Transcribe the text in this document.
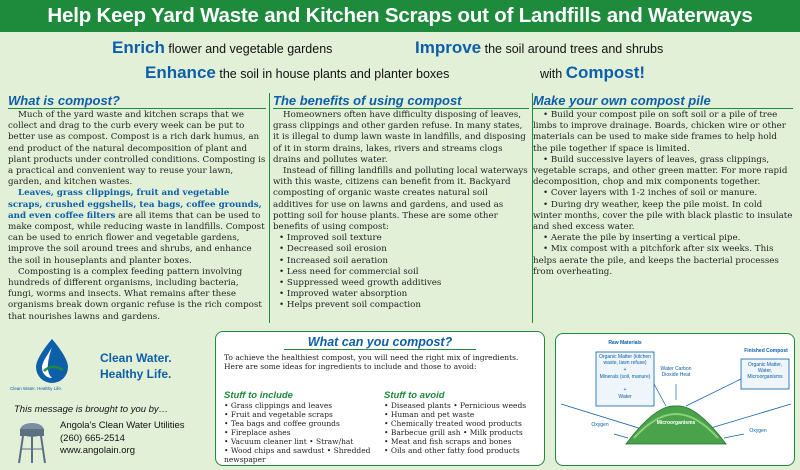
Help Keep Yard Waste and Kitchen Scraps out of Landfills and Waterways
Enrich flower and vegetable gardens	Improve the soil around trees and shrubs
Enhance the soil in house plants and planter boxes	with Compost!
What is compost?

Much of the yard waste and kitchen scraps that we collect and drag to the curb every week can be put to better use as compost. Compost is a rich dark humus, an end product of the natural decomposition of plant and plant products under controlled conditions. Composting is a practical and convenient way to reuse your lawn, garden, and kitchen wastes.

Leaves, grass clippings, fruit and vegetable scraps, crushed eggshells, tea bags, coffee grounds, and even coffee filters are all items that can be used to make compost, while reducing waste in landfills. Compost can be used to enrich flower and vegetable gardens, improve the soil around trees and shrubs, and enhance the soil in houseplants and planter boxes.

Composting is a complex feeding pattern involving hundreds of different organisms, including bacteria, fungi, worms and insects. What remains after these organisms break down organic refuse is the rich compost that nourishes lawns and gardens.

The benefits of using compost

Homeowners often have difficulty disposing of leaves, grass clippings and other garden refuse. In many states, it is illegal to dump lawn waste in landfills, and disposing of it in storm drains, lakes, rivers and streams clogs drains and pollutes water.

Instead of filling landfills and polluting local waterways with this waste, citizens can benefit from it. Backyard composting of organic waste creates natural soil additives for use on lawns and gardens, and used as potting soil for house plants. These are some other benefits of using compost:

• Improved soil texture
• Decreased soil erosion
• Increased soil aeration
• Less need for commercial soil
• Suppressed weed growth additives
• Improved water absorption
• Helps prevent soil compaction
Make your own compost pile

• Build your compost pile on soft soil or a pile of tree limbs to improve drainage. Boards, chicken wire or other materials can be used to make side frames to help hold the pile together if space is limited.

• Build successive layers of leaves, grass clippings, vegetable scraps, and other green matter. For more rapid decomposition, chop and mix components together.

• Cover layers with 1-2 inches of soil or manure.

• During dry weather, keep the pile moist. In cold winter months, cover the pile with black plastic to insulate and shed excess water.

• Aerate the pile by inserting a vertical pipe.

• Mix compost with a pitchfork after six weeks. This helps aerate the pile, and keeps the bacterial processes from overheating.

Clean Water. Healthy Life.
Clean Water.
Healthy Life.
This message is brought to you by…
Angola's Clean Water Utilities
(260) 665-2514
www.angolain.org
What can you compost?

To achieve the healthiest compost, you will need the right mix of ingredients. Here are some ideas for ingredients to include and those to avoid:

Stuff to include
• Grass clippings and leaves
• Fruit and vegetable scraps
• Tea bags and coffee grounds
• Fireplace ashes
• Vacuum cleaner lint • Straw/hat
• Wood chips and sawdust • Shredded newspaper
Stuff to avoid
• Diseased plants • Pernicious weeds
• Human and pet waste
• Chemically treated wood products
• Barbecue grill ash • Milk products
• Meat and fish scraps and bones
• Oils and other fatty food products
Raw Materials
Organic Matter (kitchen waste, lawn refuse)
+
Minerals (soil, manure)
+
Water
Water Carbon Dioxide Heat
Microorganisms
Oxygen
Oxygen
Finished Compost
Organic Matter, Water, Microorganisms
